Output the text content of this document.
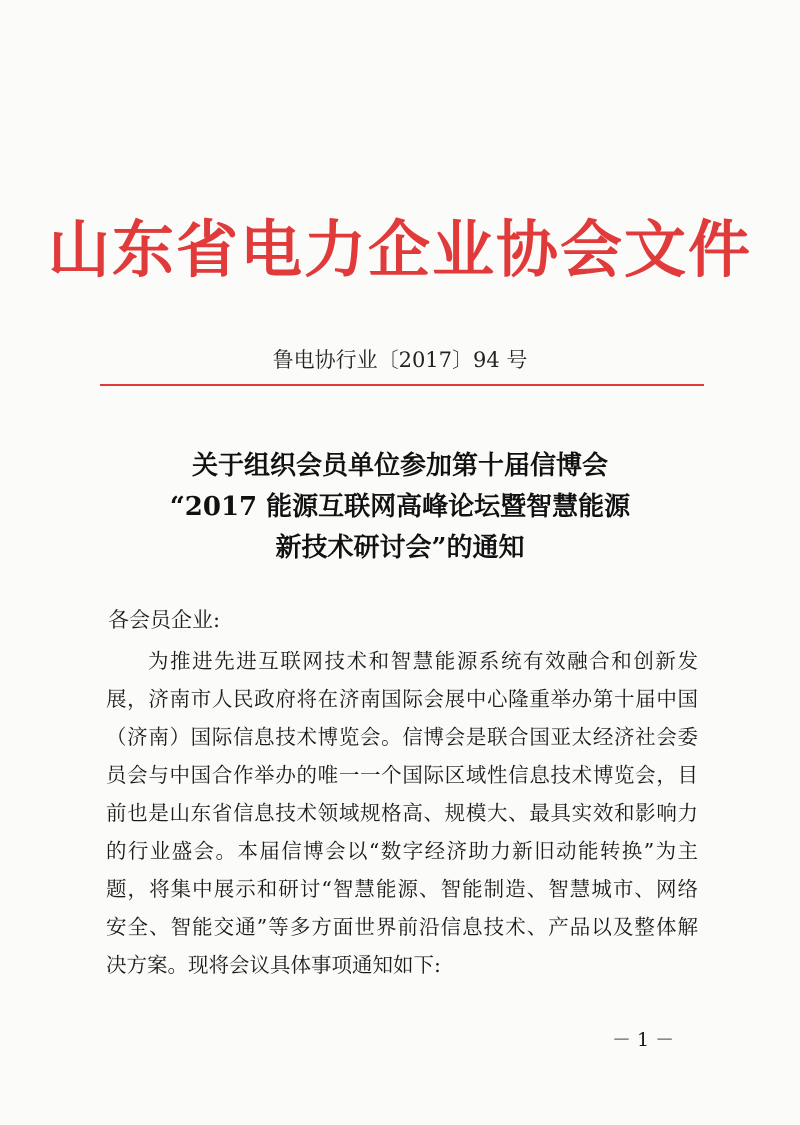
山东省电力企业协会文件
鲁电协行业〔2017〕94 号
关于组织会员单位参加第十届信博会
“2017 能源互联网高峰论坛暨智慧能源
新技术研讨会”的通知
各会员企业:
为推进先进互联网技术和智慧能源系统有效融合和创新发
展，济南市人民政府将在济南国际会展中心隆重举办第十届中国
（济南）国际信息技术博览会。信博会是联合国亚太经济社会委
员会与中国合作举办的唯一一个国际区域性信息技术博览会，目
前也是山东省信息技术领域规格高、规模大、最具实效和影响力
的行业盛会。本届信博会以“数字经济助力新旧动能转换”为主
题，将集中展示和研讨“智慧能源、智能制造、智慧城市、网络
安全、智能交通”等多方面世界前沿信息技术、产品以及整体解
决方案。现将会议具体事项通知如下:
－ 1 －
